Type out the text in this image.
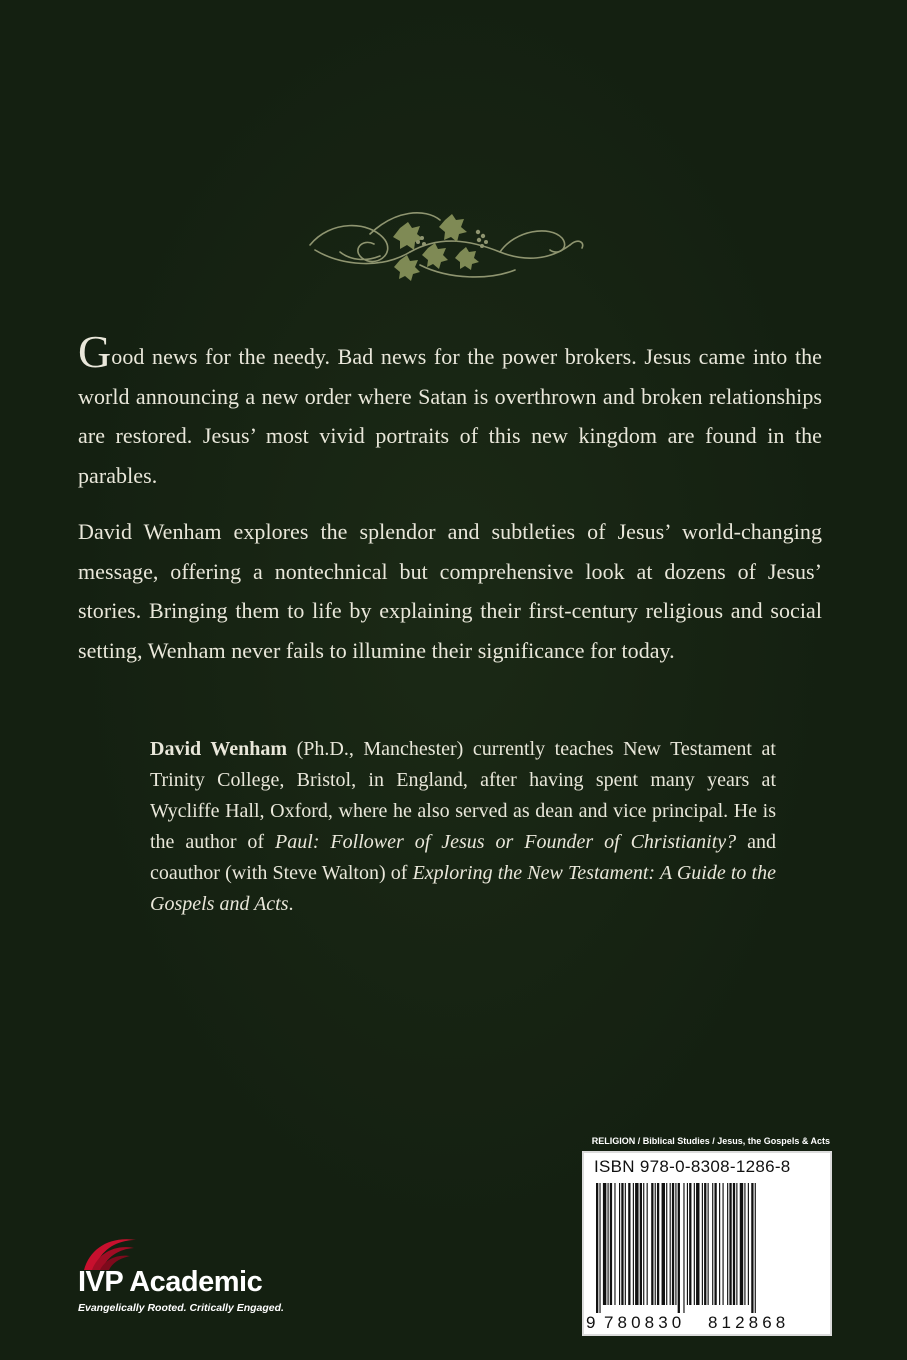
Good news for the needy. Bad news for the power brokers. Jesus came into the world announcing a new order where Satan is overthrown and broken relationships are restored. Jesus’ most vivid portraits of this new kingdom are found in the parables.

David Wenham explores the splendor and subtleties of Jesus’ world-changing message, offering a nontechnical but comprehensive look at dozens of Jesus’ stories. Bringing them to life by explaining their first-century religious and social setting, Wenham never fails to illumine their significance for today.

David Wenham (Ph.D., Manchester) currently teaches New Testament at Trinity College, Bristol, in England, after having spent many years at Wycliffe Hall, Oxford, where he also served as dean and vice principal. He is the author of Paul: Follower of Jesus or Founder of Christianity? and coauthor (with Steve Walton) of Exploring the New Testament: A Guide to the Gospels and Acts.

IVP Academic
Evangelically Rooted. Critically Engaged.
RELIGION / Biblical Studies / Jesus, the Gospels & Acts
ISBN 978-0-8308-1286-8
9 780830 812868
